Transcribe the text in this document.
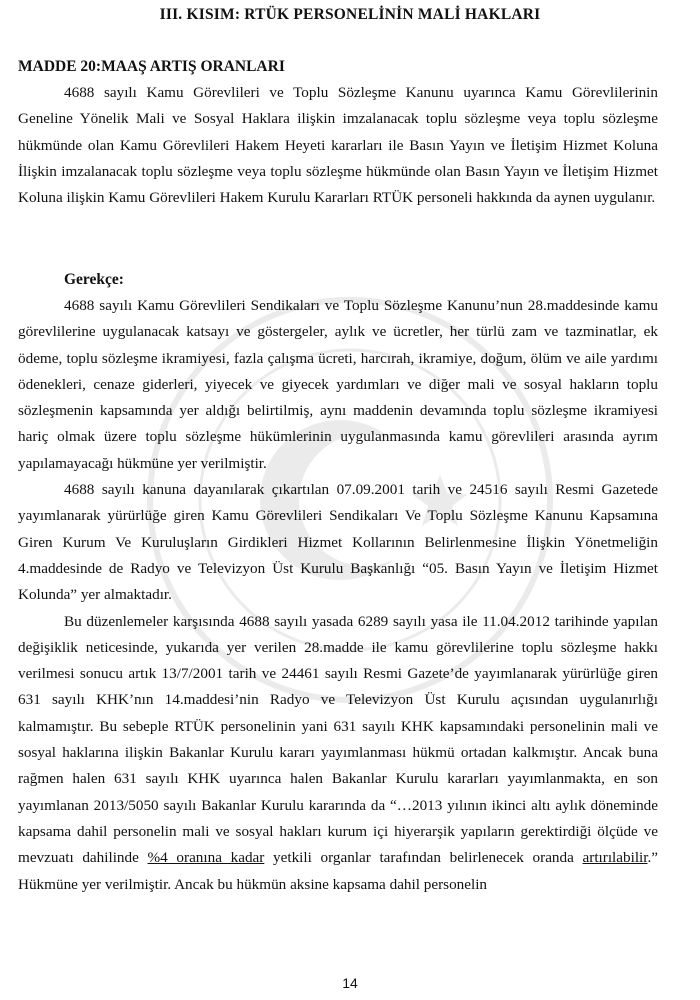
III. KISIM: RTÜK PERSONELİNİN MALİ HAKLARI
MADDE 20:MAAŞ ARTIŞ ORANLARI

4688 sayılı Kamu Görevlileri ve Toplu Sözleşme Kanunu uyarınca Kamu Görevlilerinin Geneline Yönelik Mali ve Sosyal Haklara ilişkin imzalanacak toplu sözleşme veya toplu sözleşme hükmünde olan Kamu Görevlileri Hakem Heyeti kararları ile Basın Yayın ve İletişim Hizmet Koluna İlişkin imzalanacak toplu sözleşme veya toplu sözleşme hükmünde olan Basın Yayın ve İletişim Hizmet Koluna ilişkin Kamu Görevlileri Hakem Kurulu Kararları RTÜK personeli hakkında da aynen uygulanır.

Gerekçe:

4688 sayılı Kamu Görevlileri Sendikaları ve Toplu Sözleşme Kanunu’nun 28.maddesinde kamu görevlilerine uygulanacak katsayı ve göstergeler, aylık ve ücretler, her türlü zam ve tazminatlar, ek ödeme, toplu sözleşme ikramiyesi, fazla çalışma ücreti, harcırah, ikramiye, doğum, ölüm ve aile yardımı ödenekleri, cenaze giderleri, yiyecek ve giyecek yardımları ve diğer mali ve sosyal hakların toplu sözleşmenin kapsamında yer aldığı belirtilmiş, aynı maddenin devamında toplu sözleşme ikramiyesi hariç olmak üzere toplu sözleşme hükümlerinin uygulanmasında kamu görevlileri arasında ayrım yapılamayacağı hükmüne yer verilmiştir.

4688 sayılı kanuna dayanılarak çıkartılan 07.09.2001 tarih ve 24516 sayılı Resmi Gazetede yayımlanarak yürürlüğe giren Kamu Görevlileri Sendikaları Ve Toplu Sözleşme Kanunu Kapsamına Giren Kurum Ve Kuruluşların Girdikleri Hizmet Kollarının Belirlenmesine İlişkin Yönetmeliğin 4.maddesinde de Radyo ve Televizyon Üst Kurulu Başkanlığı “05. Basın Yayın ve İletişim Hizmet Kolunda” yer almaktadır.

Bu düzenlemeler karşısında 4688 sayılı yasada 6289 sayılı yasa ile 11.04.2012 tarihinde yapılan değişiklik neticesinde, yukarıda yer verilen 28.madde ile kamu görevlilerine toplu sözleşme hakkı verilmesi sonucu artık 13/7/2001 tarih ve 24461 sayılı Resmi Gazete’de yayımlanarak yürürlüğe giren 631 sayılı KHK’nın 14.maddesi’nin Radyo ve Televizyon Üst Kurulu açısından uygulanırlığı kalmamıştır. Bu sebeple RTÜK personelinin yani 631 sayılı KHK kapsamındaki personelinin mali ve sosyal haklarına ilişkin Bakanlar Kurulu kararı yayımlanması hükmü ortadan kalkmıştır. Ancak buna rağmen halen 631 sayılı KHK uyarınca halen Bakanlar Kurulu kararları yayımlanmakta, en son yayımlanan 2013/5050 sayılı Bakanlar Kurulu kararında da “…2013 yılının ikinci altı aylık döneminde kapsama dahil personelin mali ve sosyal hakları kurum içi hiyerarşik yapıların gerektirdiği ölçüde ve mevzuatı dahilinde %4 oranına kadar yetkili organlar tarafından belirlenecek oranda artırılabilir.” Hükmüne yer verilmiştir. Ancak bu hükmün aksine kapsama dahil personelin

14
